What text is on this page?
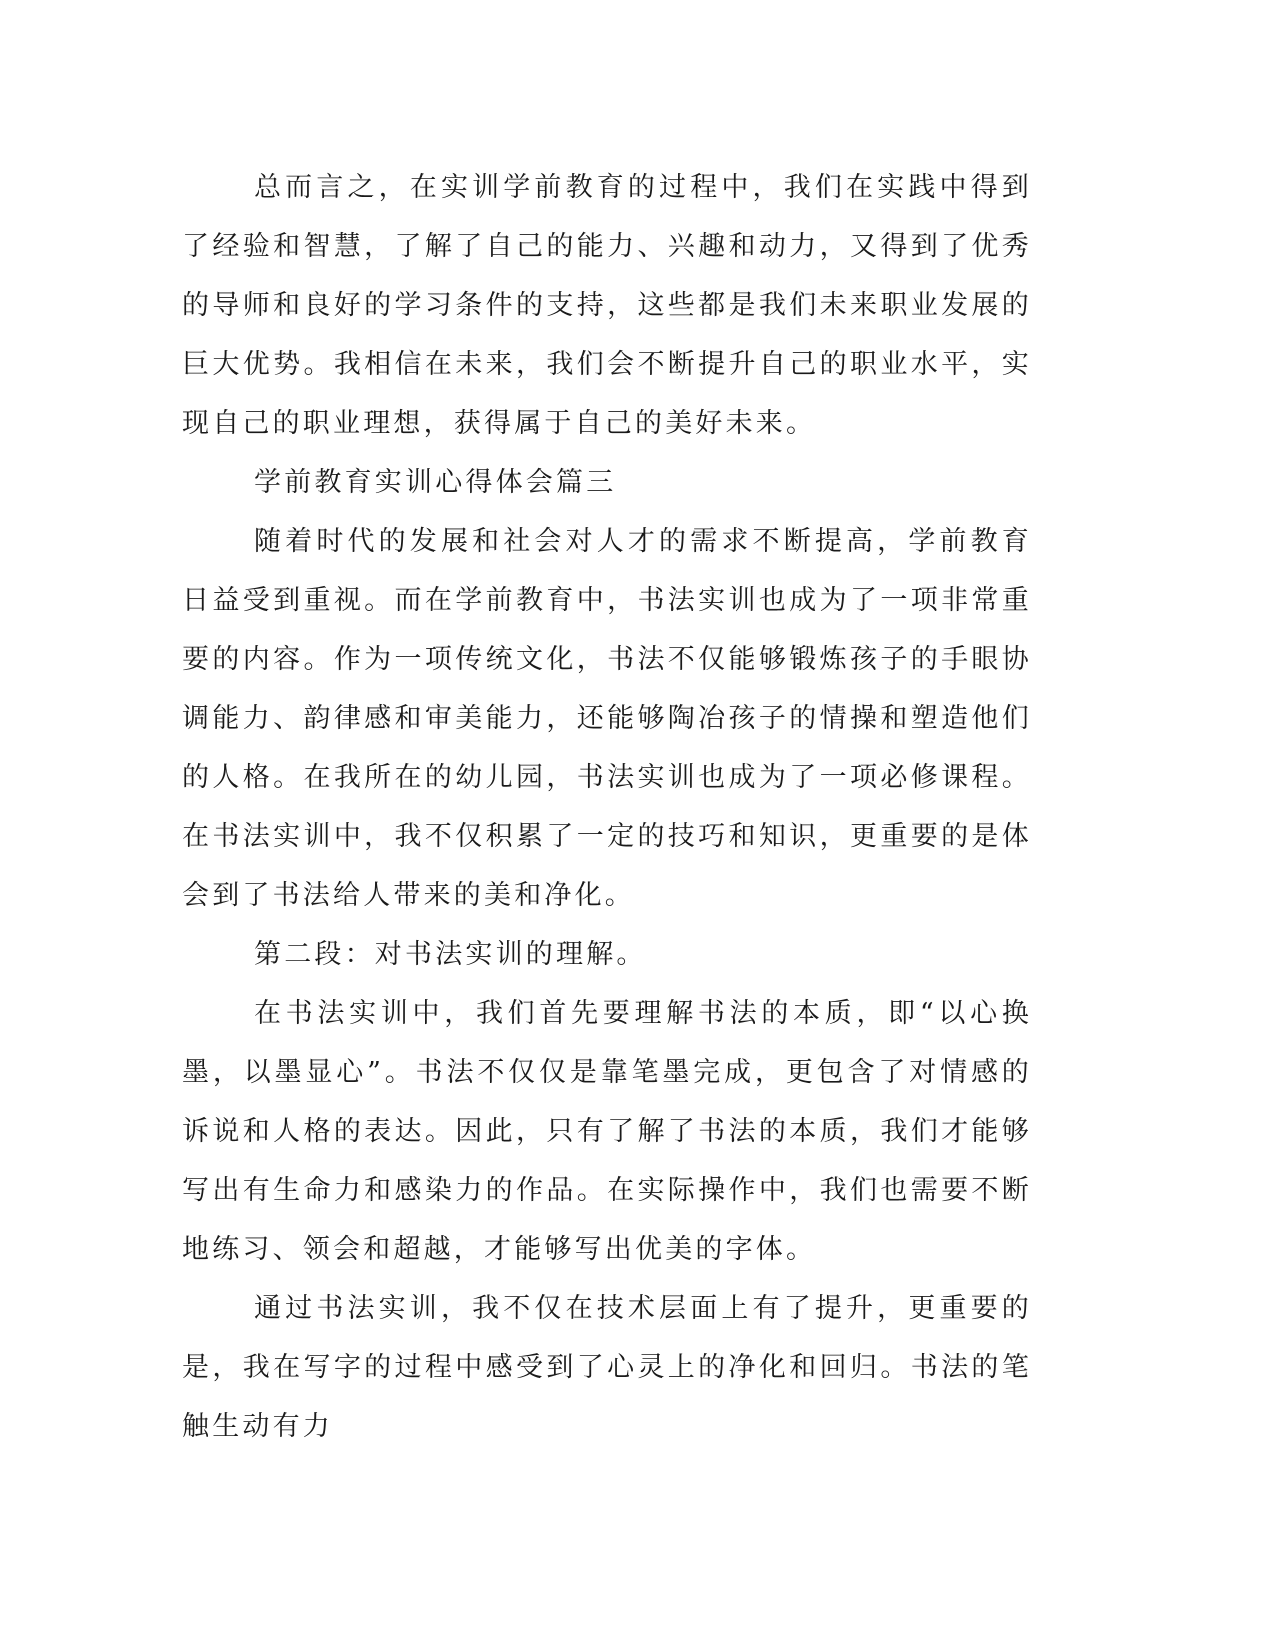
总而言之，在实训学前教育的过程中，我们在实践中得到了经验和智慧，了解了自己的能力、兴趣和动力，又得到了优秀的导师和良好的学习条件的支持，这些都是我们未来职业发展的巨大优势。我相信在未来，我们会不断提升自己的职业水平，实现自己的职业理想，获得属于自己的美好未来。

学前教育实训心得体会篇三

随着时代的发展和社会对人才的需求不断提高，学前教育日益受到重视。而在学前教育中，书法实训也成为了一项非常重要的内容。作为一项传统文化，书法不仅能够锻炼孩子的手眼协调能力、韵律感和审美能力，还能够陶冶孩子的情操和塑造他们的人格。在我所在的幼儿园，书法实训也成为了一项必修课程。在书法实训中，我不仅积累了一定的技巧和知识，更重要的是体会到了书法给人带来的美和净化。

第二段：对书法实训的理解。

在书法实训中，我们首先要理解书法的本质，即“以心换墨，以墨显心”。书法不仅仅是靠笔墨完成，更包含了对情感的诉说和人格的表达。因此，只有了解了书法的本质，我们才能够写出有生命力和感染力的作品。在实际操作中，我们也需要不断地练习、领会和超越，才能够写出优美的字体。

通过书法实训，我不仅在技术层面上有了提升，更重要的是，我在写字的过程中感受到了心灵上的净化和回归。书法的笔触生动有力
